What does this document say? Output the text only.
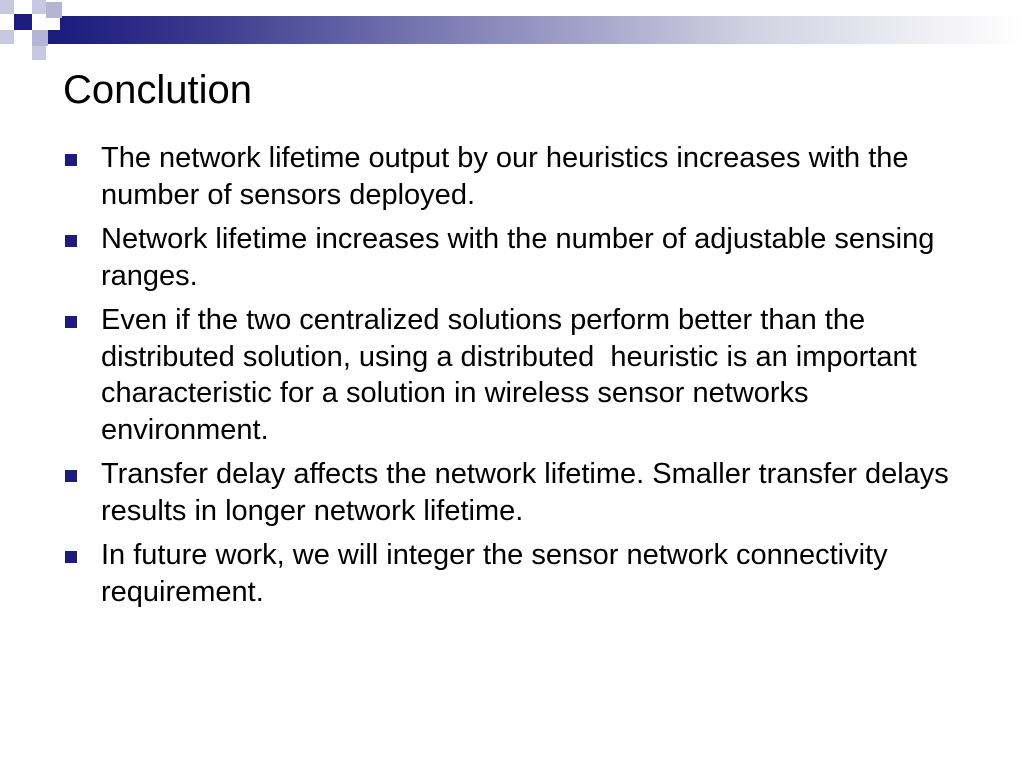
Conclution
The network lifetime output by our heuristics increases with the number of sensors deployed.
Network lifetime increases with the number of adjustable sensing ranges.
Even if the two centralized solutions perform better than the distributed solution, using a distributed  heuristic is an important characteristic for a solution in wireless sensor networks environment.
Transfer delay affects the network lifetime. Smaller transfer delays results in longer network lifetime.
In future work, we will integer the sensor network connectivity requirement.
